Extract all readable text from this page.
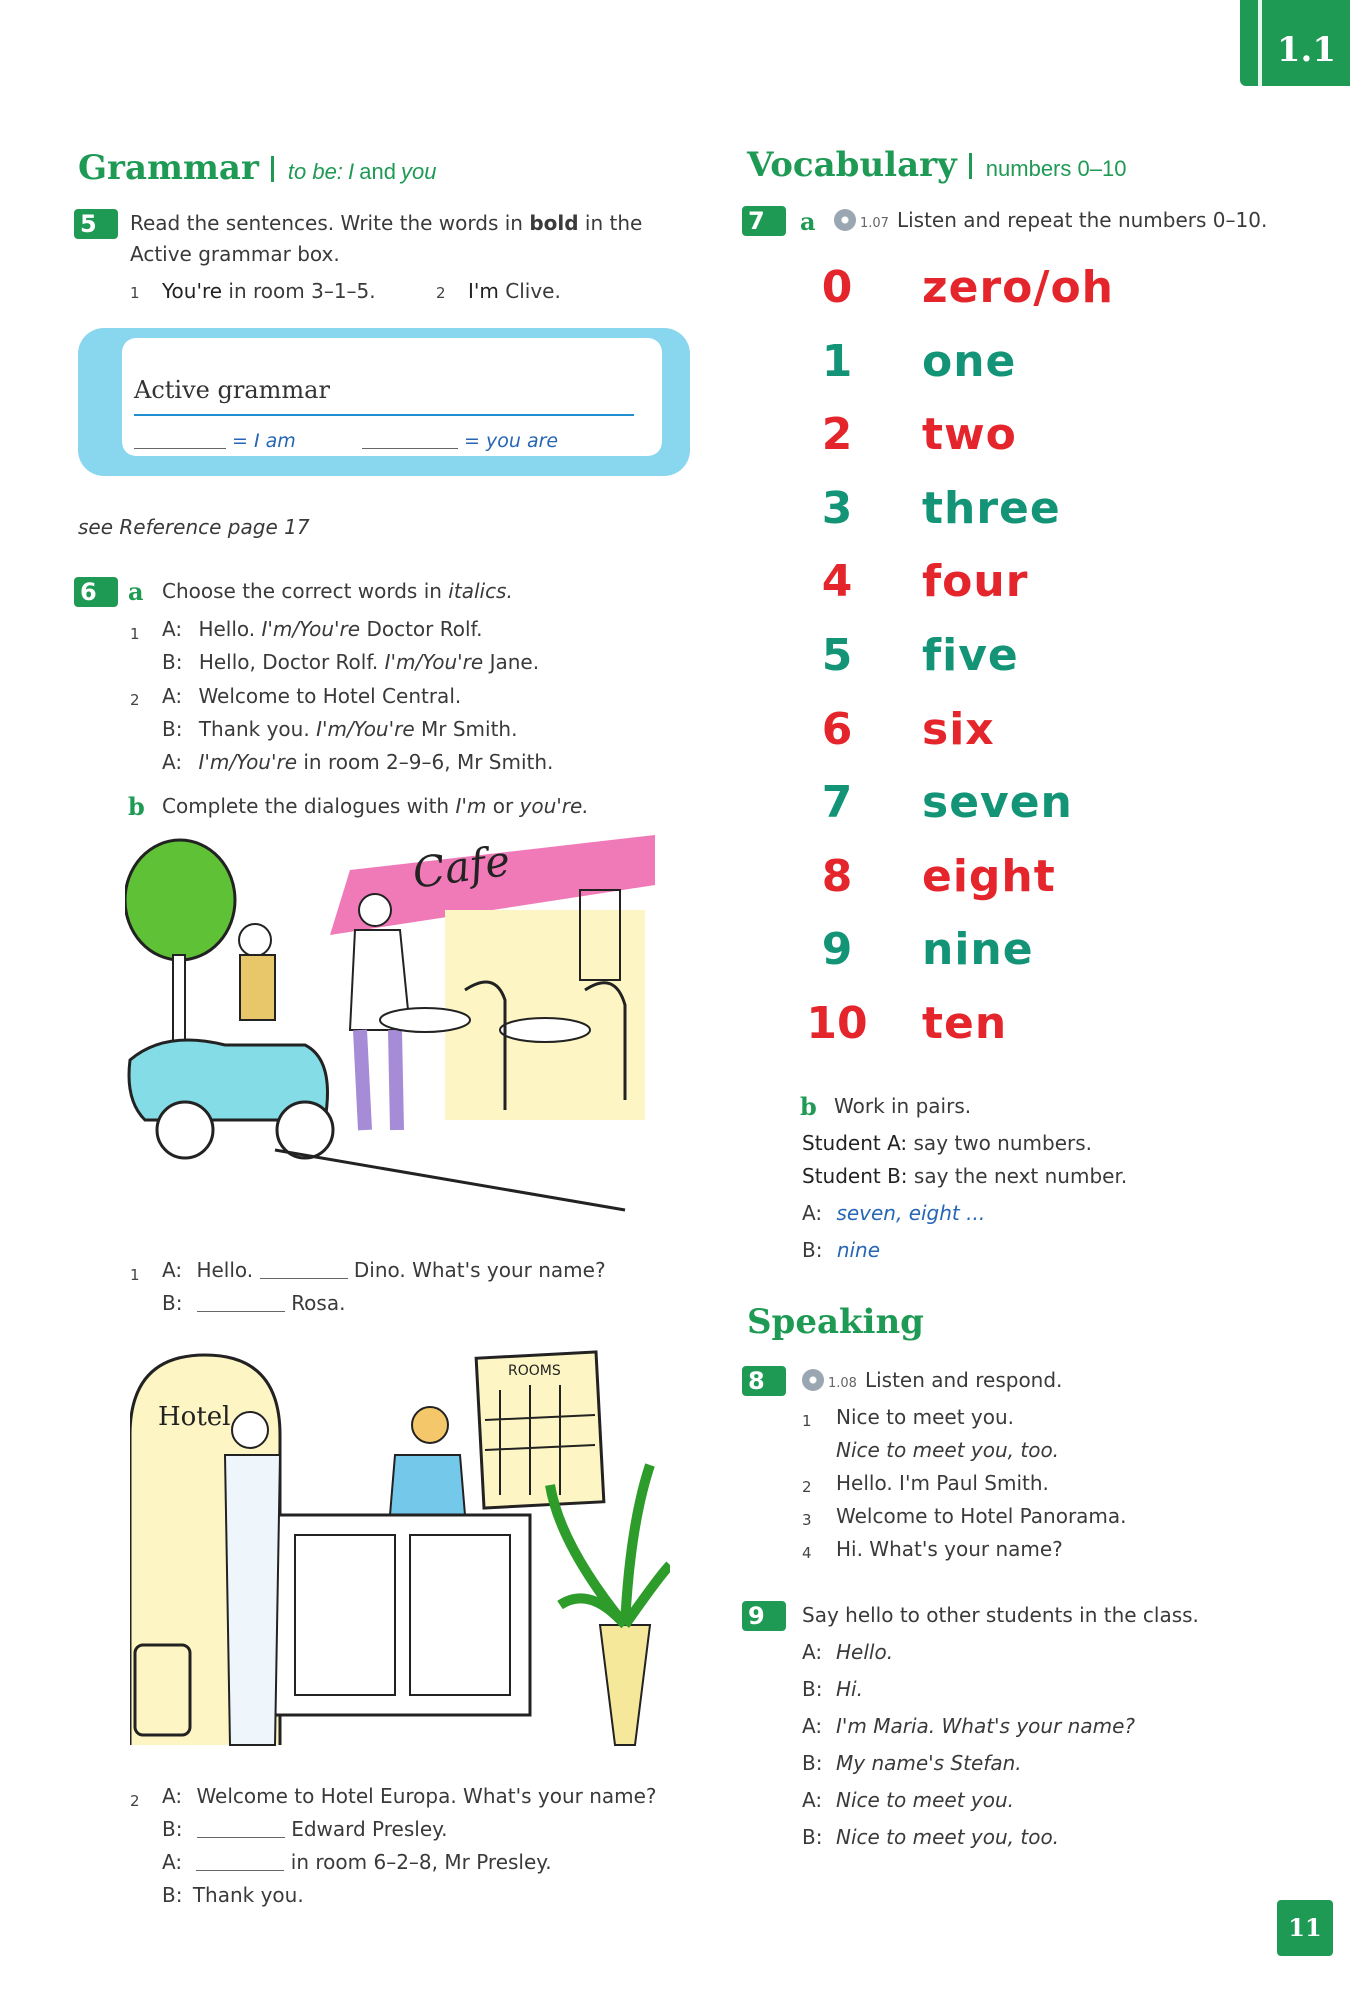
1.1
Grammar to be: I and you
5	Read the sentences. Write the words in bold in the
Active grammar box.
1 You're in room 3–1–5.	2 I'm Clive.
Active grammar
= I am	= you are
see Reference page 17
6	a Choose the correct words in italics.
1 A: Hello. I'm/You're Doctor Rolf.
B: Hello, Doctor Rolf. I'm/You're Jane.
2 A: Welcome to Hotel Central.
B: Thank you. I'm/You're Mr Smith.
A: I'm/You're in room 2–9–6, Mr Smith.
b Complete the dialogues with I'm or you're.
Cafe
1 A: Hello.	Dino. What's your name?
B:	Rosa.
Hotel
ROOMS
2 A: Welcome to Hotel Europa. What's your name?
B:	Edward Presley.
A:	in room 6–2–8, Mr Presley.
B: Thank you.
Vocabulary numbers 0–10
7	a	1.07 Listen and repeat the numbers 0–10.
0	zero/oh
1	one
2	two
3	three
4	four
5	five
6	six
7	seven
8	eight
9	nine
10 ten
b Work in pairs.
Student A: say two numbers.
Student B: say the next number.
A: seven, eight ...
B: nine
Speaking
8	1.08 Listen and respond.
1 Nice to meet you.
Nice to meet you, too.
2 Hello. I'm Paul Smith.
3 Welcome to Hotel Panorama.
4 Hi. What's your name?
9	Say hello to other students in the class.
A: Hello.
B: Hi.
A: I'm Maria. What's your name?
B: My name's Stefan.
A: Nice to meet you.
B: Nice to meet you, too.
11
